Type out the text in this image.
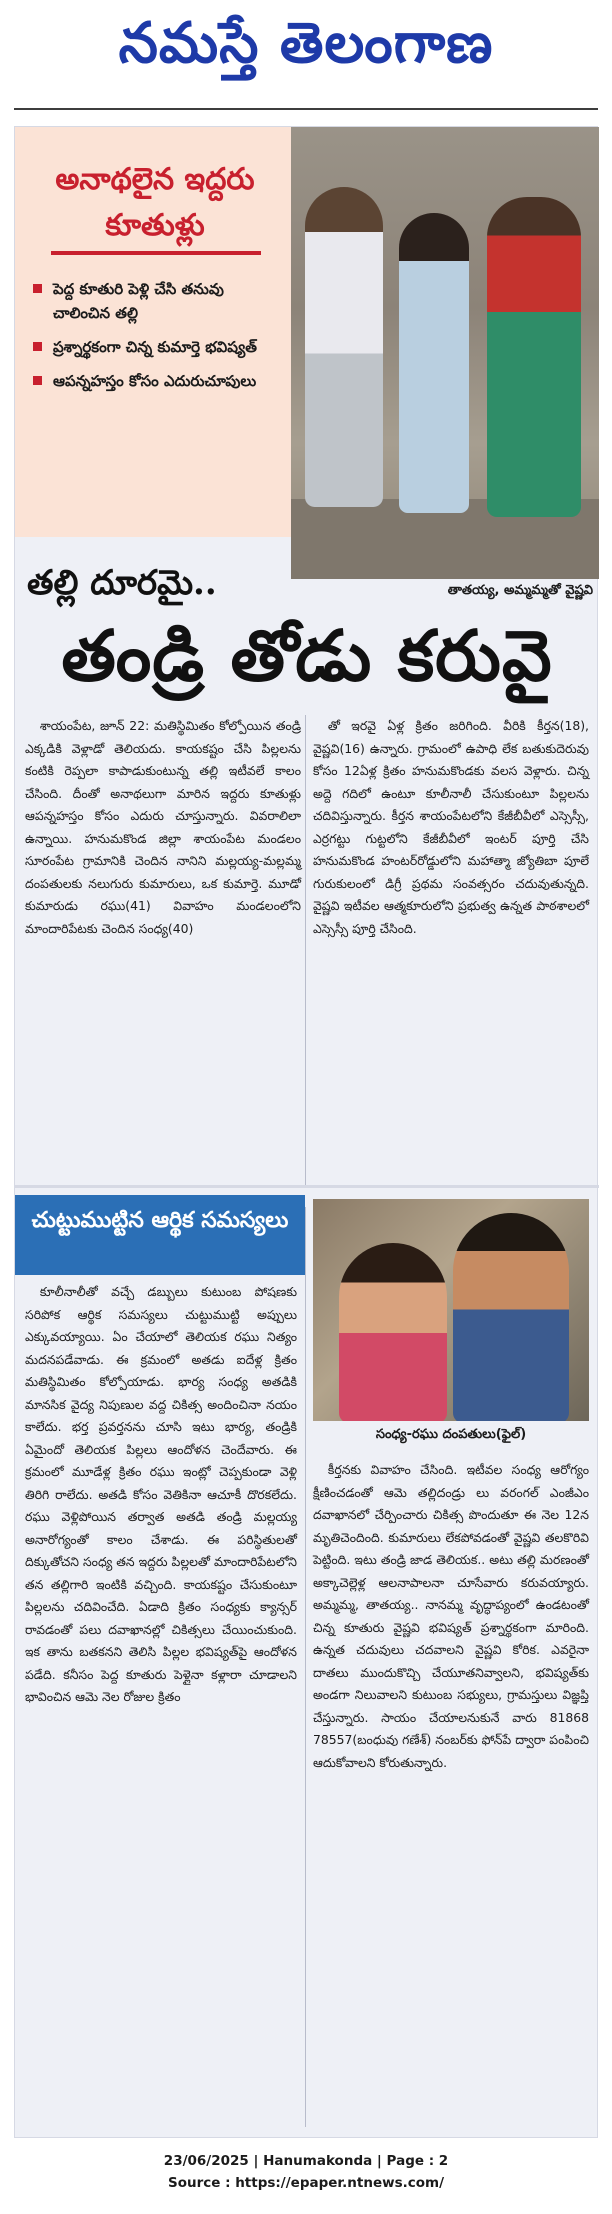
నమస్తే తెలంగాణ
అనాథలైన ఇద్దరు కూతుళ్లు
పెద్ద కూతురి పెళ్లి చేసి తనువు చాలించిన తల్లి
ప్రశ్నార్థకంగా చిన్న కుమార్తె భవిష్యత్
ఆపన్నహస్తం కోసం ఎదురుచూపులు
తాతయ్య, అమ్మమ్మతో వైష్ణవి
తల్లి దూరమై..
తండ్రి తోడు కరువై

శాయంపేట, జూన్ 22: మతిస్థిమితం కోల్పోయిన తండ్రి ఎక్కడికి వెళ్లాడో తెలియదు. కాయకష్టం చేసి పిల్లలను కంటికి రెప్పలా కాపాడుకుంటున్న తల్లి ఇటీవలే కాలం చేసింది. దీంతో అనాథలుగా మారిన ఇద్దరు కూతుళ్లు ఆపన్నహస్తం కోసం ఎదురు చూస్తున్నారు. వివరాలిలా ఉన్నాయి. హనుమకొండ జిల్లా శాయంపేట మండలం సూరంపేట గ్రామానికి చెందిన నానిని మల్లయ్య-మల్లమ్మ దంపతులకు నలుగురు కుమారులు, ఒక కుమార్తె. మూడో కుమారుడు రఘు(41) వివాహం మండలంలోని మాందారిపేటకు చెందిన సంధ్య(40)

తో ఇరవై ఏళ్ల క్రితం జరిగింది. వీరికి కీర్తన(18), వైష్ణవి(16) ఉన్నారు. గ్రామంలో ఉపాధి లేక బతుకుదెరువు కోసం 12ఏళ్ల క్రితం హనుమకొండకు వలస వెళ్లారు. చిన్న అద్దె గదిలో ఉంటూ కూలీనాలీ చేసుకుంటూ పిల్లలను చదివిస్తున్నారు. కీర్తన శాయంపేటలోని కేజీబీవీలో ఎస్సెస్సీ, ఎర్రగట్టు గుట్టలోని కేజీబీవీలో ఇంటర్ పూర్తి చేసి హనుమకొండ హంటర్‌రోడ్డులోని మహాత్మా జ్యోతిబా పూలే గురుకులంలో డిగ్రీ ప్రథమ సంవత్సరం చదువుతున్నది. వైష్ణవి ఇటీవల ఆత్మకూరులోని ప్రభుత్వ ఉన్నత పాఠశాలలో ఎస్సెస్సీ పూర్తి చేసింది.

చుట్టుముట్టిన ఆర్థిక సమస్యలు

కూలీనాలీతో వచ్చే డబ్బులు కుటుంబ పోషణకు సరిపోక ఆర్థిక సమస్యలు చుట్టుముట్టి అప్పులు ఎక్కువయ్యాయి. ఏం చేయాలో తెలియక రఘు నిత్యం మదనపడేవాడు. ఈ క్రమంలో అతడు ఐదేళ్ల క్రితం మతిస్థిమితం కోల్పోయాడు. భార్య సంధ్య అతడికి మానసిక వైద్య నిపుణుల వద్ద చికిత్స అందించినా నయం కాలేదు. భర్త ప్రవర్తనను చూసి ఇటు భార్య, తండ్రికి ఏమైందో తెలియక పిల్లలు ఆందోళన చెందేవారు. ఈ క్రమంలో మూడేళ్ల క్రితం రఘు ఇంట్లో చెప్పకుండా వెళ్లి తిరిగి రాలేదు. అతడి కోసం వెతికినా ఆచూకీ దొరకలేదు. రఘు వెళ్లిపోయిన తర్వాత అతడి తండ్రి మల్లయ్య అనారోగ్యంతో కాలం చేశాడు. ఈ పరిస్థితులతో దిక్కుతోచని సంధ్య తన ఇద్దరు పిల్లలతో మాందారిపేటలోని తన తల్లిగారి ఇంటికి వచ్చింది. కాయకష్టం చేసుకుంటూ పిల్లలను చదివించేది. ఏడాది క్రితం సంధ్యకు క్యాన్సర్ రావడంతో పలు దవాఖానల్లో చికిత్సలు చేయించుకుంది. ఇక తాను బతకనని తెలిసి పిల్లల భవిష్యత్‌పై ఆందోళన పడేది. కనీసం పెద్ద కూతురు పెళ్లైనా కళ్లారా చూడాలని భావించిన ఆమె నెల రోజుల క్రితం

సంధ్య-రఘు దంపతులు(ఫైల్)

కీర్తనకు వివాహం చేసింది. ఇటీవల సంధ్య ఆరోగ్యం క్షీణించడంతో ఆమె తల్లిదండ్రు లు వరంగల్ ఎంజీఎం దవాఖానలో చేర్పించారు చికిత్స పొందుతూ ఈ నెల 12న మృతిచెందింది. కుమారులు లేకపోవడంతో వైష్ణవి తలకొరివి పెట్టింది. ఇటు తండ్రి జాడ తెలియక.. అటు తల్లి మరణంతో అక్కాచెల్లెళ్ల ఆలనాపాలనా చూసేవారు కరువయ్యారు. అమ్మమ్మ, తాతయ్య.. నానమ్మ వృద్ధాప్యంలో ఉండటంతో చిన్న కూతురు వైష్ణవి భవిష్యత్ ప్రశ్నార్థకంగా మారింది. ఉన్నత చదువులు చదవాలని వైష్ణవి కోరిక. ఎవరైనా దాతలు ముందుకొచ్చి చేయూతనివ్వాలని, భవిష్యత్‌కు అండగా నిలువాలని కుటుంబ సభ్యులు, గ్రామస్తులు విజ్ఞప్తి చేస్తున్నారు. సాయం చేయాలనుకునే వారు 81868 78557(బంధువు గణేశ్) నంబర్‌కు ఫోన్‌పే ద్వారా పంపించి ఆదుకోవాలని కోరుతున్నారు.

23/06/2025 | Hanumakonda | Page : 2
Source : https://epaper.ntnews.com/
